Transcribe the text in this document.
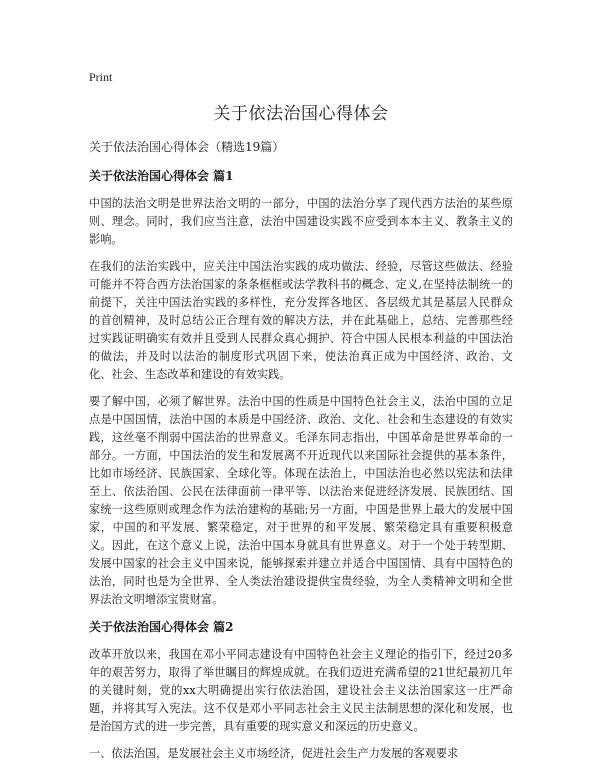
Print
关于依法治国心得体会

关于依法治国心得体会（精选19篇）

关于依法治国心得体会 篇1

中国的法治文明是世界法治文明的一部分，中国的法治分享了现代西方法治的某些原则、理念。同时，我们应当注意，法治中国建设实践不应受到本本主义、教条主义的影响。

在我们的法治实践中，应关注中国法治实践的成功做法、经验，尽管这些做法、经验可能并不符合西方法治国家的条条框框或法学教科书的概念、定义,在坚持法制统一的前提下，关注中国法治实践的多样性，充分发挥各地区、各层级尤其是基层人民群众的首创精神，及时总结公正合理有效的解决方法，并在此基础上，总结、完善那些经过实践证明确实有效并且受到人民群众真心拥护、符合中国人民根本利益的中国法治的做法，并及时以法治的制度形式巩固下来，使法治真正成为中国经济、政治、文化、社会、生态改革和建设的有效实践。

要了解中国，必须了解世界。法治中国的性质是中国特色社会主义，法治中国的立足点是中国国情，法治中国的本质是中国经济、政治、文化、社会和生态建设的有效实践，这丝毫不削弱中国法治的世界意义。毛泽东同志指出，中国革命是世界革命的一部分。一方面，中国法治的发生和发展离不开近现代以来国际社会提供的基本条件，比如市场经济、民族国家、全球化等。体现在法治上，中国法治也必然以宪法和法律至上、依法治国、公民在法律面前一律平等、以法治来促进经济发展、民族团结、国家统一这些原则或理念作为法治建构的基础;另一方面，中国是世界上最大的发展中国家，中国的和平发展、繁荣稳定，对于世界的和平发展、繁荣稳定具有重要积极意义。因此，在这个意义上说，法治中国本身就具有世界意义。对于一个处于转型期、发展中国家的社会主义中国来说，能够探索并建立并适合中国国情、具有中国特色的法治，同时也是为全世界、全人类法治建设提供宝贵经验，为全人类精神文明和全世界法治文明增添宝贵财富。

关于依法治国心得体会 篇2

改革开放以来，我国在邓小平同志建设有中国特色社会主义理论的指引下，经过20多年的艰苦努力，取得了举世瞩目的辉煌成就。在我们迈进充满希望的21世纪最初几年的关键时刻，党的xx大明确提出实行依法治国，建设社会主义法治国家这一庄严命题，并将其写入宪法。这不仅是邓小平同志社会主义民主法制思想的深化和发展，也是治国方式的进一步完善，具有重要的现实意义和深远的历史意义。

一、依法治国，是发展社会主义市场经济，促进社会生产力发展的客观要求
